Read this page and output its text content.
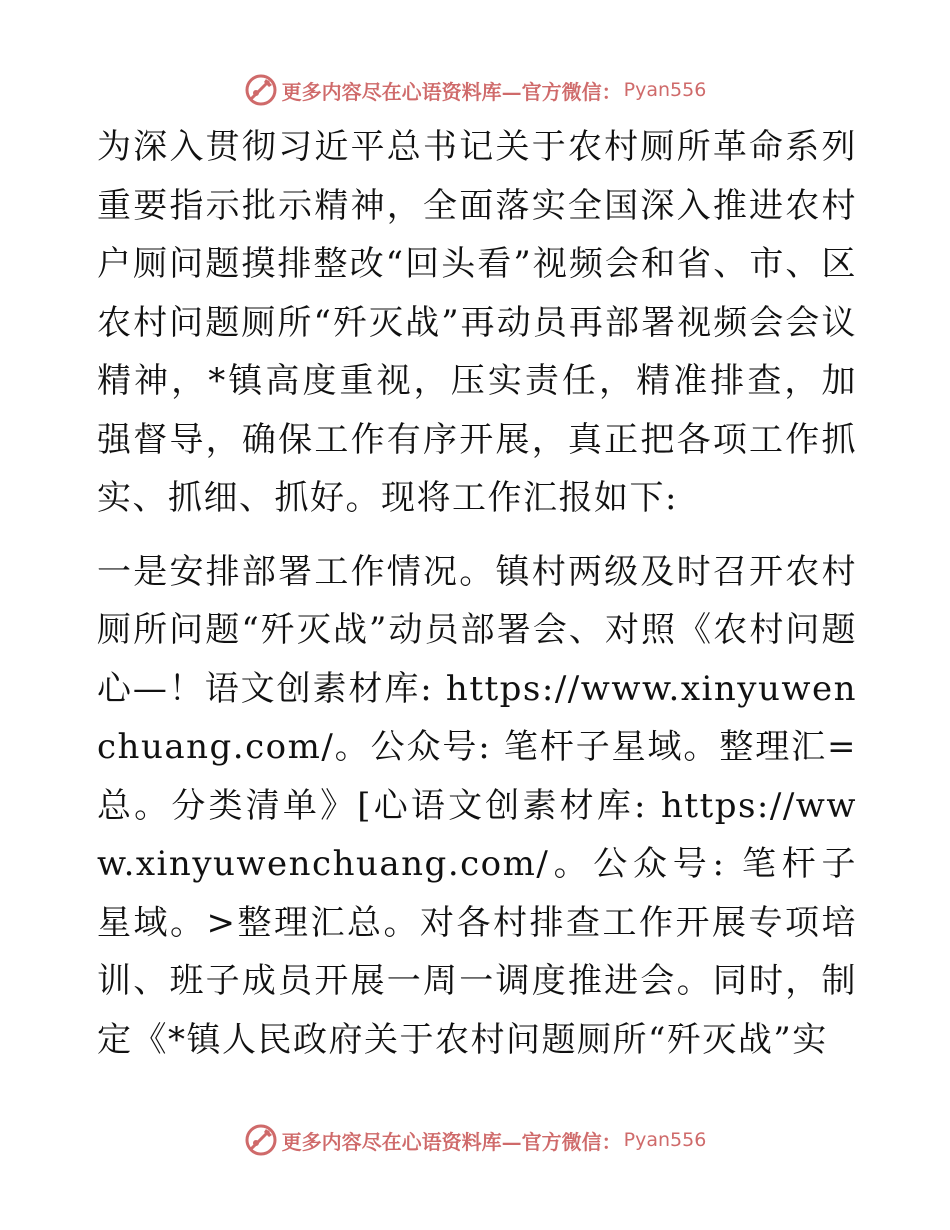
更多内容尽在心语资料库—官方微信： Pyan556

为深入贯彻习近平总书记关于农村厕所革命系列重要指示批示精神，全面落实全国深入推进农村户厕问题摸排整改“回头看”视频会和省、市、区农村问题厕所“歼灭战”再动员再部署视频会会议精神，*镇高度重视，压实责任，精准排查，加强督导，确保工作有序开展，真正把各项工作抓实、抓细、抓好。现将工作汇报如下:

一是安排部署工作情况。镇村两级及时召开农村厕所问题“歼灭战”动员部署会、对照《农村问题心—！语文创素材库: https://www.xinyuwenchuang.com/。公众号: 笔杆子星域。整理汇=总。分类清单》[心语文创素材库: https://www.xinyuwenchuang.com/。公众号: 笔杆子星域。>整理汇总。对各村排查工作开展专项培训、班子成员开展一周一调度推进会。同时，制定《*镇人民政府关于农村问题厕所“歼灭战”实

更多内容尽在心语资料库—官方微信： Pyan556
